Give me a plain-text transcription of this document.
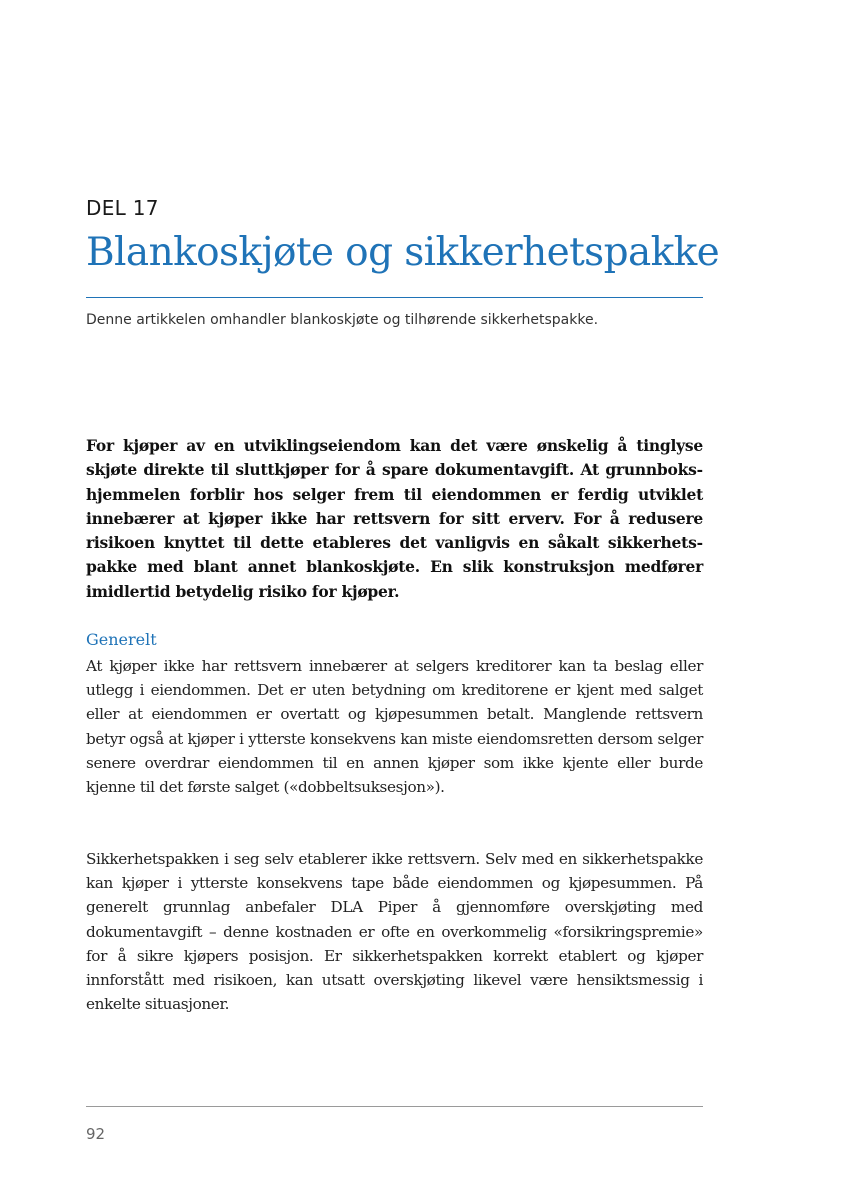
DEL 17
Blankoskjøte og sikkerhetspakke
Denne artikkelen omhandler blankoskjøte og tilhørende sikkerhetspakke.

For kjøper av en utviklingseiendom kan det være ønskelig å tinglyse skjøte direkte til sluttkjøper for å spare dokumentavgift. At grunnbokshjemmelen forblir hos selger frem til eiendommen er ferdig utviklet innebærer at kjøper ikke har rettsvern for sitt erverv. For å redusere risikoen knyttet til dette etableres det vanligvis en såkalt sikkerhetspakke med blant annet blankoskjøte. En slik konstruksjon medfører imidlertid betydelig risiko for kjøper.

Generelt

At kjøper ikke har rettsvern innebærer at selgers kreditorer kan ta beslag eller utlegg i eiendommen. Det er uten betydning om kreditorene er kjent med salget eller at eiendommen er overtatt og kjøpesummen betalt. Manglende rettsvern betyr også at kjøper i ytterste konsekvens kan miste eiendomsretten dersom selger senere overdrar eiendommen til en annen kjøper som ikke kjente eller burde kjenne til det første salget («dobbeltsuksesjon»).

Sikkerhetspakken i seg selv etablerer ikke rettsvern. Selv med en sikkerhetspakke kan kjøper i ytterste konsekvens tape både eiendommen og kjøpesummen. På generelt grunnlag anbefaler DLA Piper å gjennomføre overskjøting med dokumentavgift – denne kostnaden er ofte en overkommelig «forsikringspremie» for å sikre kjøpers posisjon. Er sikkerhetspakken korrekt etablert og kjøper innforstått med risikoen, kan utsatt overskjøting likevel være hensiktsmessig i enkelte situasjoner.

92
